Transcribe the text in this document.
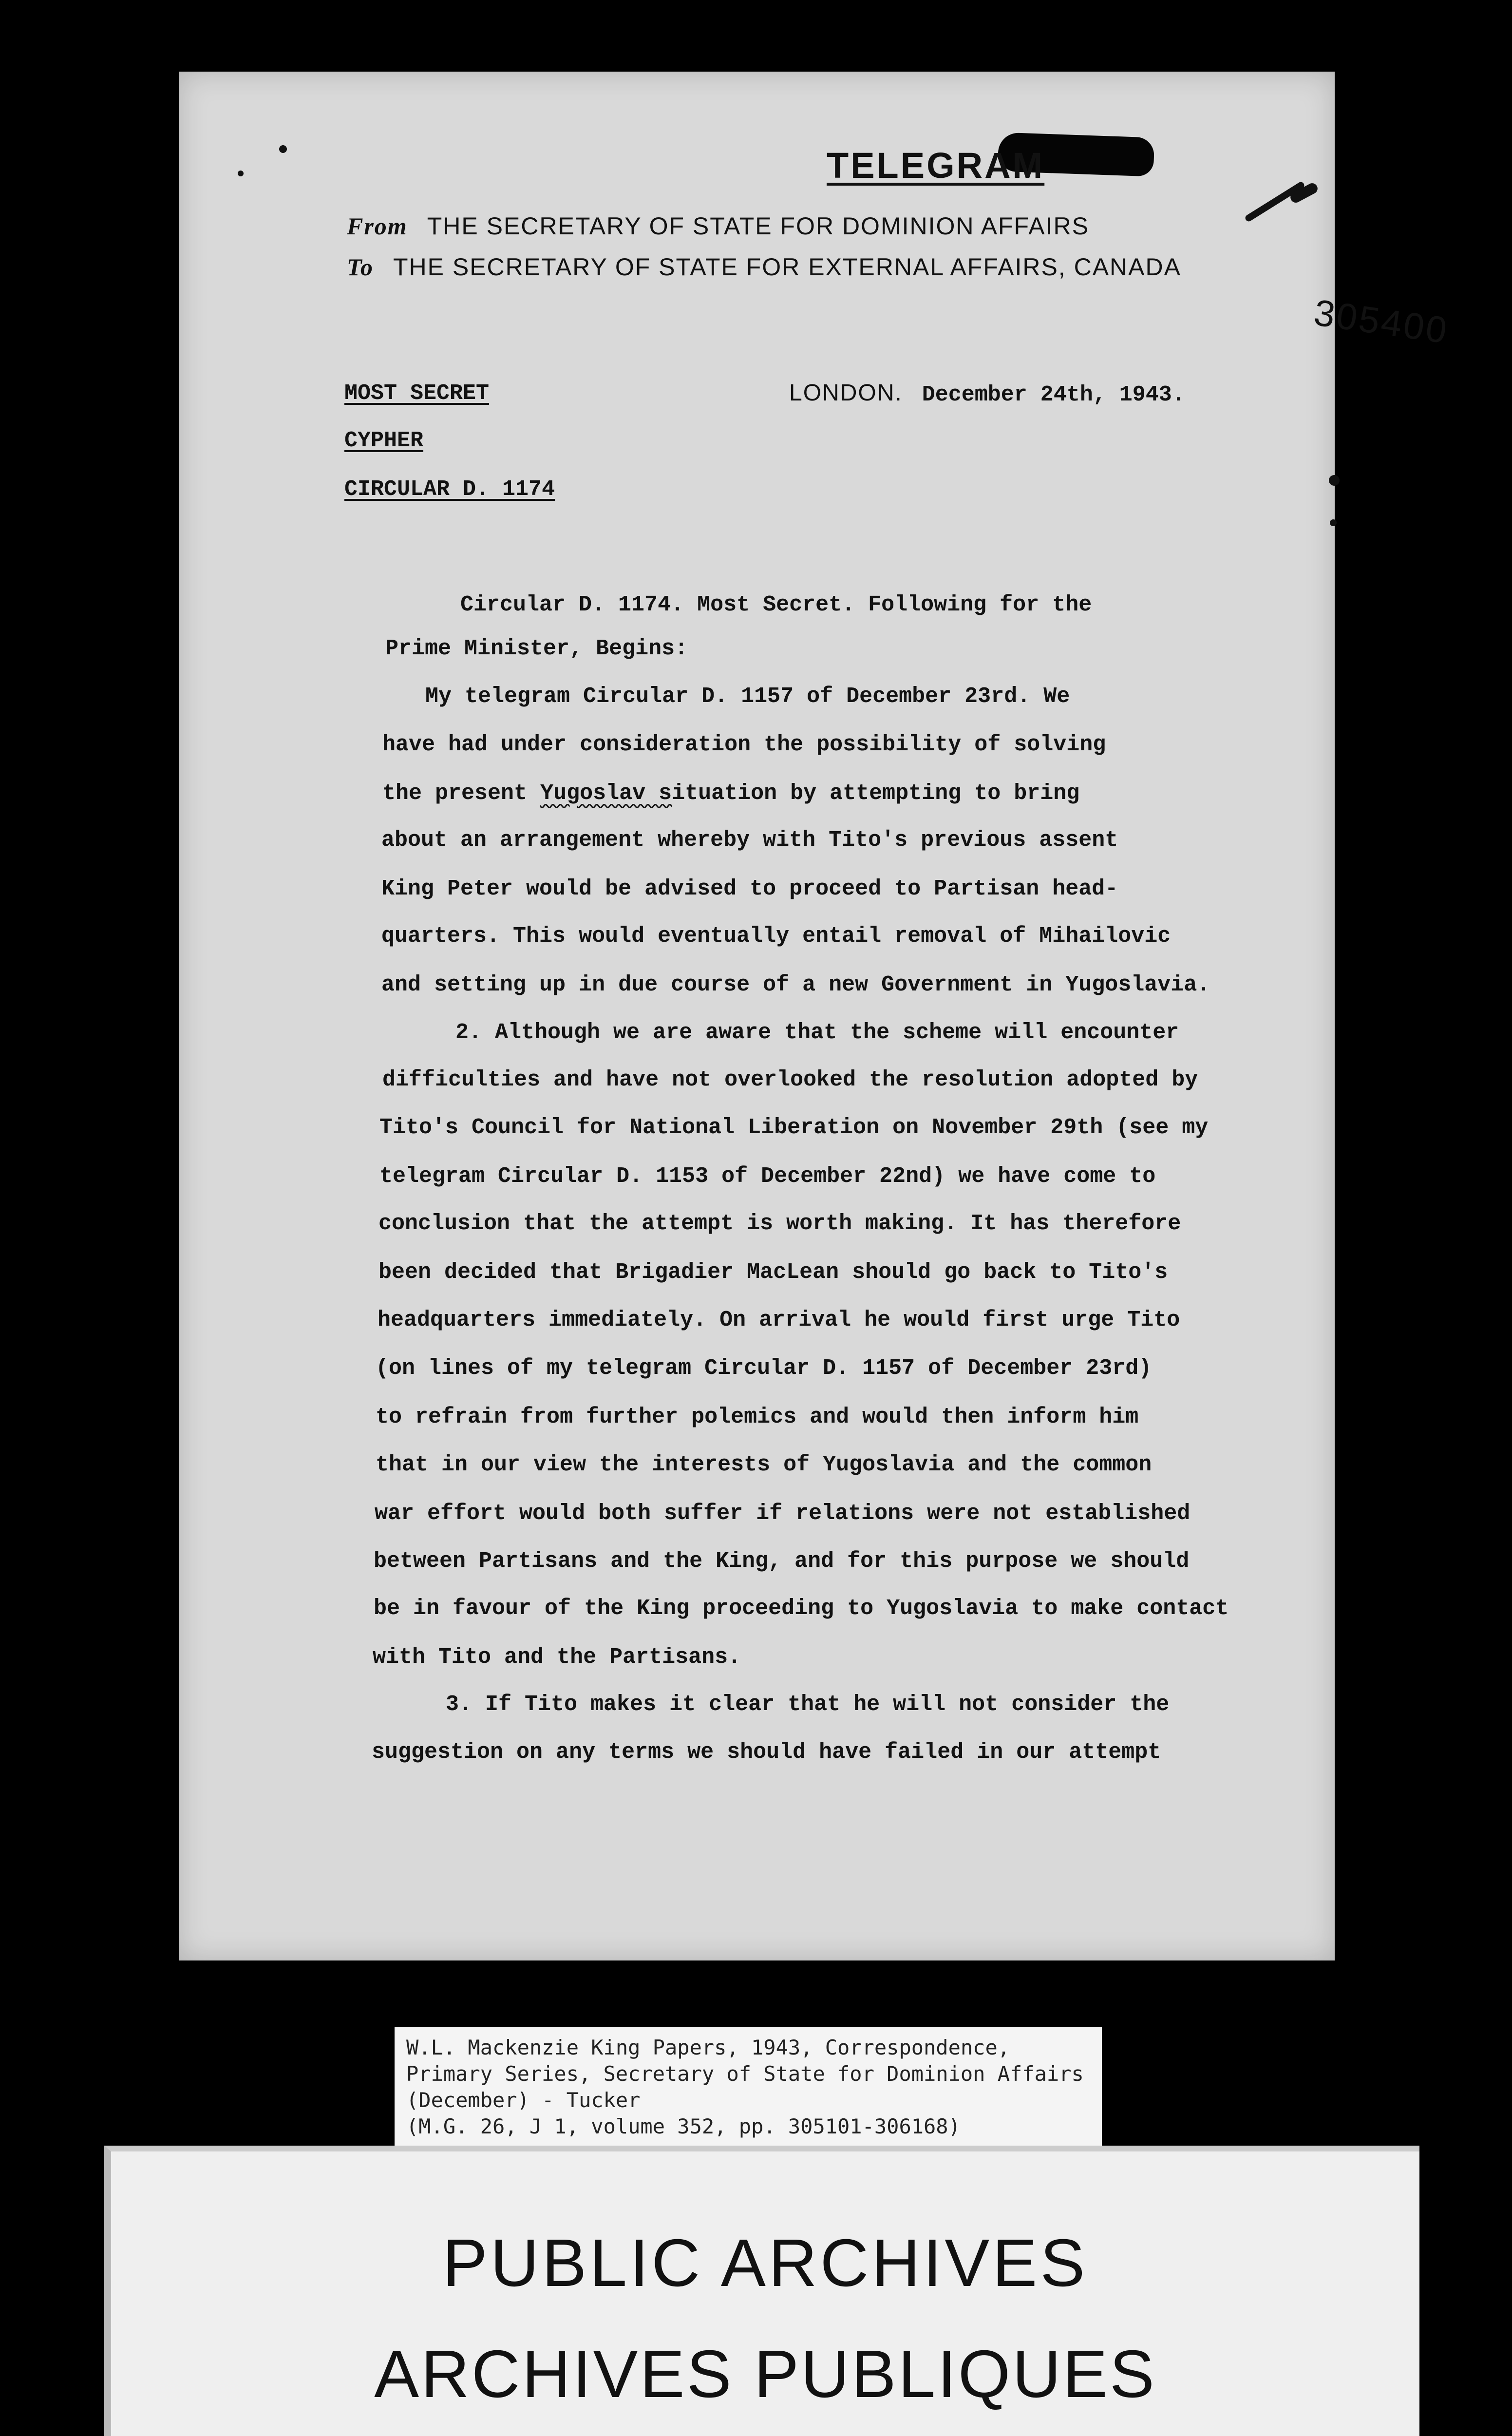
TELEGRAM
From THE SECRETARY OF STATE FOR DOMINION AFFAIRS
To THE SECRETARY OF STATE FOR EXTERNAL AFFAIRS, CANADA
305400
MOST SECRET
CYPHER
CIRCULAR D. 1174
LONDON. December 24th, 1943.
Circular D. 1174. Most Secret. Following for the
Prime Minister, Begins:
My telegram Circular D. 1157 of December 23rd. We
have had under consideration the possibility of solving
the present Yugoslav situation by attempting to bring
about an arrangement whereby with Tito's previous assent
King Peter would be advised to proceed to Partisan head-
quarters. This would eventually entail removal of Mihailovic
and setting up in due course of a new Government in Yugoslavia.
2. Although we are aware that the scheme will encounter
difficulties and have not overlooked the resolution adopted by
Tito's Council for National Liberation on November 29th (see my
telegram Circular D. 1153 of December 22nd) we have come to
conclusion that the attempt is worth making. It has therefore
been decided that Brigadier MacLean should go back to Tito's
headquarters immediately. On arrival he would first urge Tito
(on lines of my telegram Circular D. 1157 of December 23rd)
to refrain from further polemics and would then inform him
that in our view the interests of Yugoslavia and the common
war effort would both suffer if relations were not established
between Partisans and the King, and for this purpose we should
be in favour of the King proceeding to Yugoslavia to make contact
with Tito and the Partisans.
3. If Tito makes it clear that he will not consider the
suggestion on any terms we should have failed in our attempt
W.L. Mackenzie King Papers, 1943, Correspondence,
Primary Series, Secretary of State for Dominion Affairs
(December) - Tucker
(M.G. 26, J 1, volume 352, pp. 305101-306168)
PUBLIC ARCHIVES
ARCHIVES PUBLIQUES
